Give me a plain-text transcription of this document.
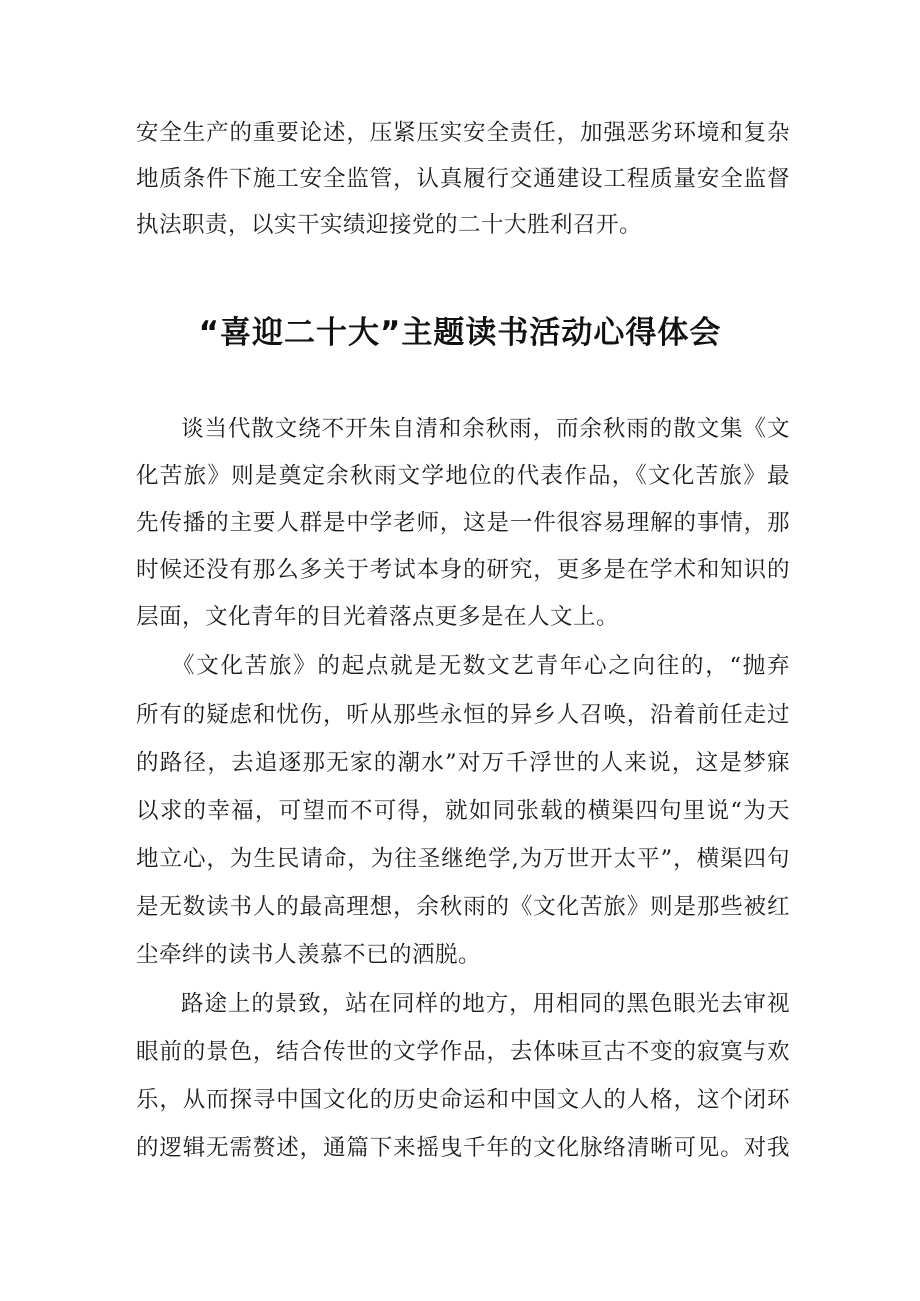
安全生产的重要论述，压紧压实安全责任，加强恶劣环境和复杂

地质条件下施工安全监管，认真履行交通建设工程质量安全监督

执法职责，以实干实绩迎接党的二十大胜利召开。

“喜迎二十大”主题读书活动心得体会

谈当代散文绕不开朱自清和余秋雨，而余秋雨的散文集《文

化苦旅》则是奠定余秋雨文学地位的代表作品，《文化苦旅》最

先传播的主要人群是中学老师，这是一件很容易理解的事情，那

时候还没有那么多关于考试本身的研究，更多是在学术和知识的

层面，文化青年的目光着落点更多是在人文上。

《文化苦旅》的起点就是无数文艺青年心之向往的，“抛弃

所有的疑虑和忧伤，听从那些永恒的异乡人召唤，沿着前任走过

的路径，去追逐那无家的潮水”对万千浮世的人来说，这是梦寐

以求的幸福，可望而不可得，就如同张载的横渠四句里说“为天

地立心，为生民请命，为往圣继绝学,为万世开太平”，横渠四句

是无数读书人的最高理想，余秋雨的《文化苦旅》则是那些被红

尘牵绊的读书人羡慕不已的洒脱。

路途上的景致，站在同样的地方，用相同的黑色眼光去审视

眼前的景色，结合传世的文学作品，去体味亘古不变的寂寞与欢

乐，从而探寻中国文化的历史命运和中国文人的人格，这个闭环

的逻辑无需赘述，通篇下来摇曳千年的文化脉络清晰可见。对我
